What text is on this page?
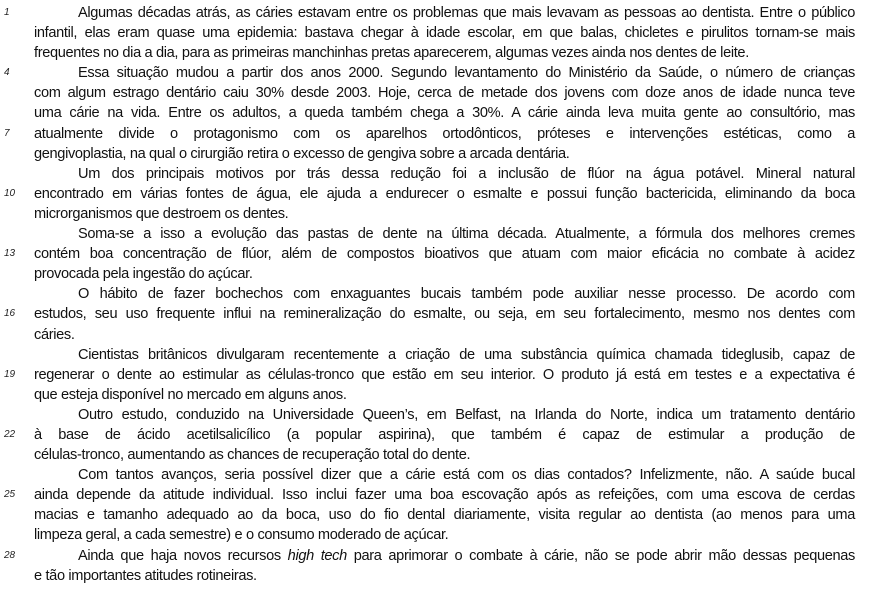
1	Algumas décadas atrás, as cáries estavam entre os problemas que mais levavam as pessoas ao dentista. Entre o público
infantil, elas eram quase uma epidemia: bastava chegar à idade escolar, em que balas, chicletes e pirulitos tornam-se mais
frequentes no dia a dia, para as primeiras manchinhas pretas aparecerem, algumas vezes ainda nos dentes de leite.
4	Essa situação mudou a partir dos anos 2000. Segundo levantamento do Ministério da Saúde, o número de crianças
com algum estrago dentário caiu 30% desde 2003. Hoje, cerca de metade dos jovens com doze anos de idade nunca teve
uma cárie na vida. Entre os adultos, a queda também chega a 30%. A cárie ainda leva muita gente ao consultório, mas
7	atualmente divide o protagonismo com os aparelhos ortodônticos, próteses e intervenções estéticas, como a
gengivoplastia, na qual o cirurgião retira o excesso de gengiva sobre a arcada dentária.
Um dos principais motivos por trás dessa redução foi a inclusão de flúor na água potável. Mineral natural
10	encontrado em várias fontes de água, ele ajuda a endurecer o esmalte e possui função bactericida, eliminando da boca
microrganismos que destroem os dentes.
Soma-se a isso a evolução das pastas de dente na última década. Atualmente, a fórmula dos melhores cremes
13	contém boa concentração de flúor, além de compostos bioativos que atuam com maior eficácia no combate à acidez
provocada pela ingestão do açúcar.
O hábito de fazer bochechos com enxaguantes bucais também pode auxiliar nesse processo. De acordo com
16	estudos, seu uso frequente influi na remineralização do esmalte, ou seja, em seu fortalecimento, mesmo nos dentes com
cáries.
Cientistas britânicos divulgaram recentemente a criação de uma substância química chamada tideglusib, capaz de
19	regenerar o dente ao estimular as células-tronco que estão em seu interior. O produto já está em testes e a expectativa é
que esteja disponível no mercado em alguns anos.
Outro estudo, conduzido na Universidade Queen’s, em Belfast, na Irlanda do Norte, indica um tratamento dentário
22	à base de ácido acetilsalicílico (a popular aspirina), que também é capaz de estimular a produção de
células-tronco, aumentando as chances de recuperação total do dente.
Com tantos avanços, seria possível dizer que a cárie está com os dias contados? Infelizmente, não. A saúde bucal
25	ainda depende da atitude individual. Isso inclui fazer uma boa escovação após as refeições, com uma escova de cerdas
macias e tamanho adequado ao da boca, uso do fio dental diariamente, visita regular ao dentista (ao menos para uma
limpeza geral, a cada semestre) e o consumo moderado de açúcar.
28	Ainda que haja novos recursos high tech para aprimorar o combate à cárie, não se pode abrir mão dessas pequenas
e tão importantes atitudes rotineiras.
